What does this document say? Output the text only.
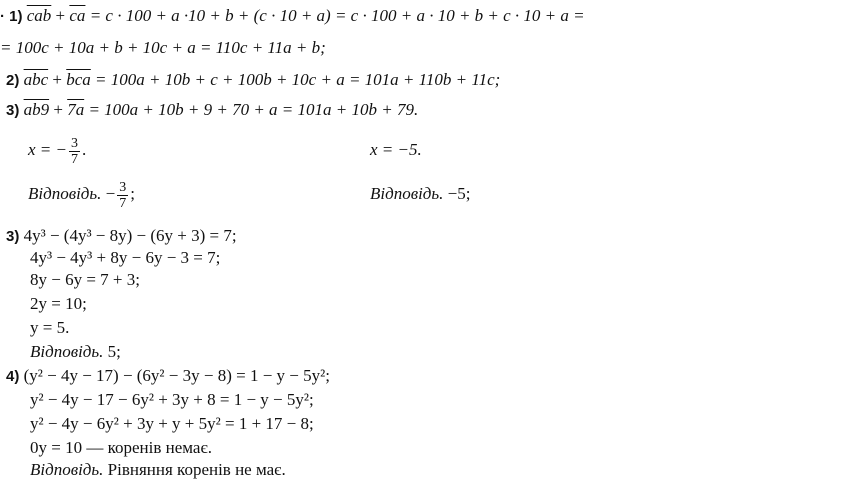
· 1) $\overline{cab} + \overline{ca} = c \cdot 100 + a \cdot 10 + b + (c \cdot 10 + a) = c \cdot 100 + a \cdot 10 + b + c \cdot 10 + a$ =
= 100c + 10a + b + 10c + a = 110c + 11a + b;
2) $\overline{abc} + \overline{bca} = 100a + 10b + c + 100b + 10c + a = 101a + 110b + 11c$;
3) ab9 + 7a = 100a + 10b + 9 + 70 + a = 101a + 10b + 79.
x = − $\frac{3}{7}$ .	x = −5.
Відповідь. − $\frac{3}{7}$ ;	Відповідь. −5;
3) 4y³ − (4y³ − 8y) − (6y + 3) = 7;
4y³ − 4y³ + 8y − 6y − 3 = 7;
8y − 6y = 7 + 3;
2y = 10;
y = 5.
Відповідь. 5;
4) (y² − 4y − 17) − (6y² − 3y − 8) = 1 − y − 5y²;
y² − 4y − 17 − 6y² + 3y + 8 = 1 − y − 5y²;
y² − 4y − 6y² + 3y + y + 5y² = 1 + 17 − 8;
0y = 10 — коренів немає.
Відповідь. Рівняння коренів не має.
